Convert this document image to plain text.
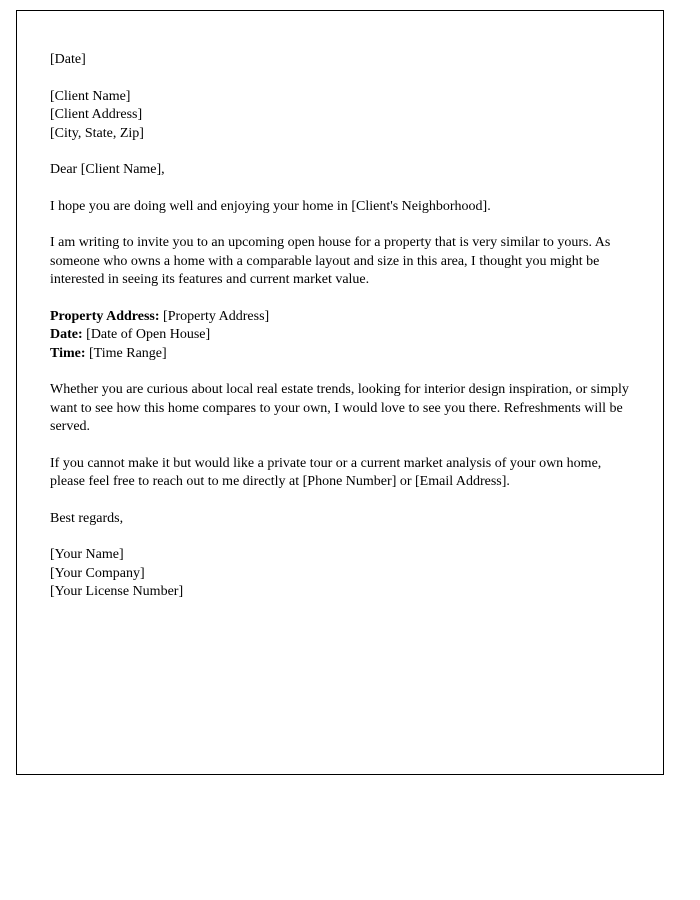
[Date]

[Client Name]
[Client Address]
[City, State, Zip]

Dear [Client Name],

I hope you are doing well and enjoying your home in [Client's Neighborhood].

I am writing to invite you to an upcoming open house for a property that is very similar to yours. As someone who owns a home with a comparable layout and size in this area, I thought you might be interested in seeing its features and current market value.

Property Address: [Property Address]
Date: [Date of Open House]
Time: [Time Range]

Whether you are curious about local real estate trends, looking for interior design inspiration, or simply want to see how this home compares to your own, I would love to see you there. Refreshments will be served.

If you cannot make it but would like a private tour or a current market analysis of your own home, please feel free to reach out to me directly at [Phone Number] or [Email Address].

Best regards,

[Your Name]
[Your Company]
[Your License Number]
